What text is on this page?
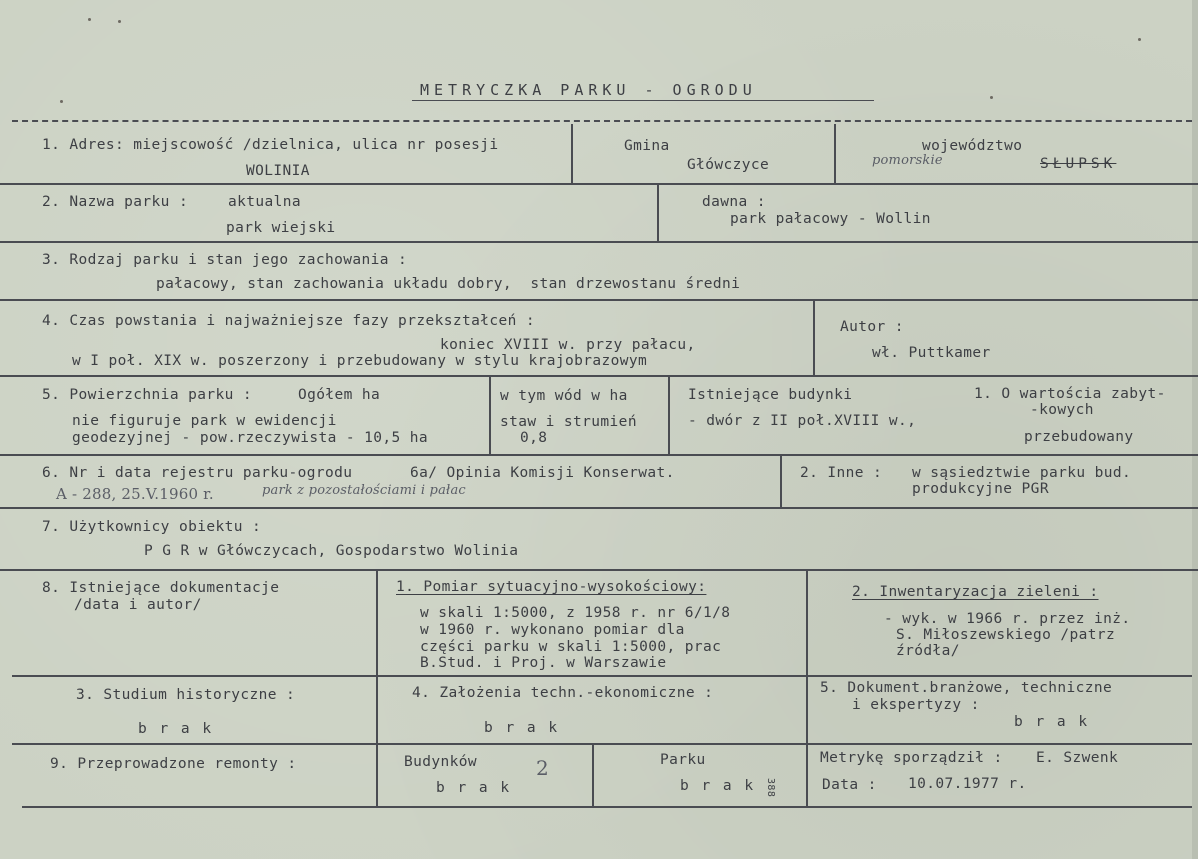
METRYCZKA PARKU - OGRODU
1. Adres: miejscowość /dzielnica, ulica nr posesji
WOLINIA
Gmina
Główczyce
województwo
pomorskie	SŁUPSK
2. Nazwa parku :	aktualna
park wiejski
dawna :
park pałacowy - Wollin
3. Rodzaj parku i stan jego zachowania :
pałacowy, stan zachowania układu dobry,  stan drzewostanu średni
4. Czas powstania i najważniejsze fazy przekształceń :
koniec XVIII w. przy pałacu,
w I poł. XIX w. poszerzony i przebudowany w stylu krajobrazowym
Autor :
wł. Puttkamer
5. Powierzchnia parku :	Ogółem ha
nie figuruje park w ewidencji
geodezyjnej - pow.rzeczywista - 10,5 ha
w tym wód w ha
staw i strumień
0,8
Istniejące budynki
- dwór z II poł.XVIII w.,
1. O wartościa zabyt-
-kowych
przebudowany
6. Nr i data rejestru parku-ogrodu	6a/ Opinia Komisji Konserwat.
A - 288, 25.V.1960 r.	park z pozostałościami i pałac
2. Inne : w sąsiedztwie parku bud.
produkcyjne PGR
7. Użytkownicy obiektu :
P G R w Główczycach, Gospodarstwo Wolinia
8. Istniejące dokumentacje
/data i autor/
1. Pomiar sytuacyjno-wysokościowy:
w skali 1:5000, z 1958 r. nr 6/1/8
w 1960 r. wykonano pomiar dla
części parku w skali 1:5000, prac
B.Stud. i Proj. w Warszawie
2. Inwentaryzacja zieleni :
- wyk. w 1966 r. przez inż.
S. Miłoszewskiego /patrz
źródła/
3. Studium historyczne :
b r a k
4. Założenia techn.-ekonomiczne :
b r a k
5. Dokument.branżowe, techniczne
i ekspertyzy :
b r a k
9. Przeprowadzone remonty :	Budynków	2
b r a k
Parku
b r a k 388
Metrykę sporządził : E. Szwenk
Data : 10.07.1977 r.
